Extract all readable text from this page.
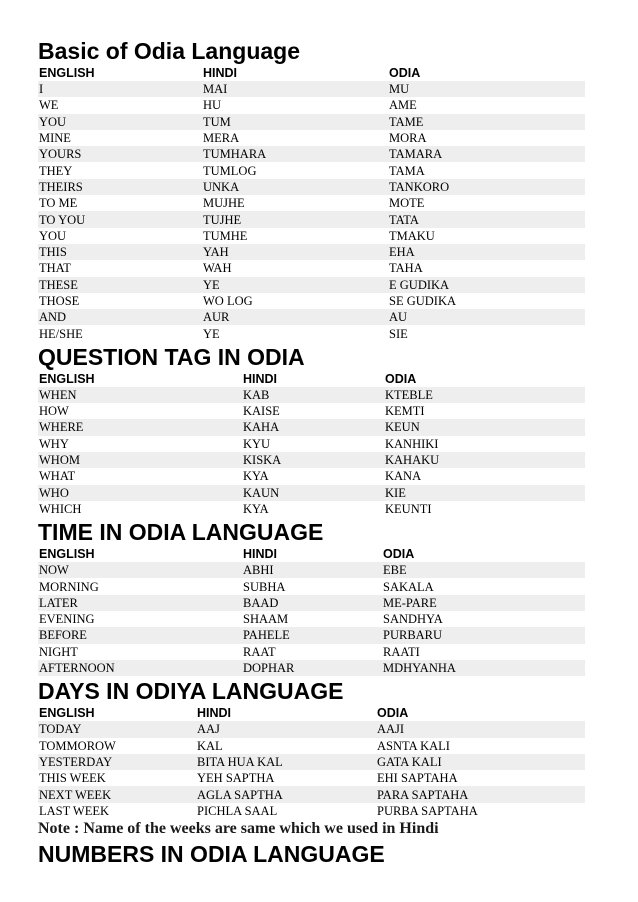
Basic of Odia Language
ENGLISH	HINDI	ODIA
I	MAI	MU
WE	HU	AME
YOU	TUM	TAME
MINE	MERA	MORA
YOURS	TUMHARA	TAMARA
THEY	TUMLOG	TAMA
THEIRS	UNKA	TANKORO
TO ME	MUJHE	MOTE
TO YOU	TUJHE	TATA
YOU	TUMHE	TMAKU
THIS	YAH	EHA
THAT	WAH	TAHA
THESE	YE	E GUDIKA
THOSE	WO LOG	SE GUDIKA
AND	AUR	AU
HE/SHE	YE	SIE
QUESTION TAG IN ODIA
ENGLISH	HINDI	ODIA
WHEN	KAB	KTEBLE
HOW	KAISE	KEMTI
WHERE	KAHA	KEUN
WHY	KYU	KANHIKI
WHOM	KISKA	KAHAKU
WHAT	KYA	KANA
WHO	KAUN	KIE
WHICH	KYA	KEUNTI
TIME IN ODIA LANGUAGE
ENGLISH	HINDI	ODIA
NOW	ABHI	EBE
MORNING	SUBHA	SAKALA
LATER	BAAD	ME-PARE
EVENING	SHAAM	SANDHYA
BEFORE	PAHELE	PURBARU
NIGHT	RAAT	RAATI
AFTERNOON	DOPHAR	MDHYANHA
DAYS IN ODIYA LANGUAGE
ENGLISH	HINDI	ODIA
TODAY	AAJ	AAJI
TOMMOROW	KAL	ASNTA KALI
YESTERDAY	BITA HUA KAL	GATA KALI
THIS WEEK	YEH SAPTHA	EHI SAPTAHA
NEXT WEEK	AGLA SAPTHA	PARA SAPTAHA
LAST WEEK	PICHLA SAAL	PURBA SAPTAHA

Note : Name of the weeks are same which we used in Hindi

NUMBERS IN ODIA LANGUAGE
